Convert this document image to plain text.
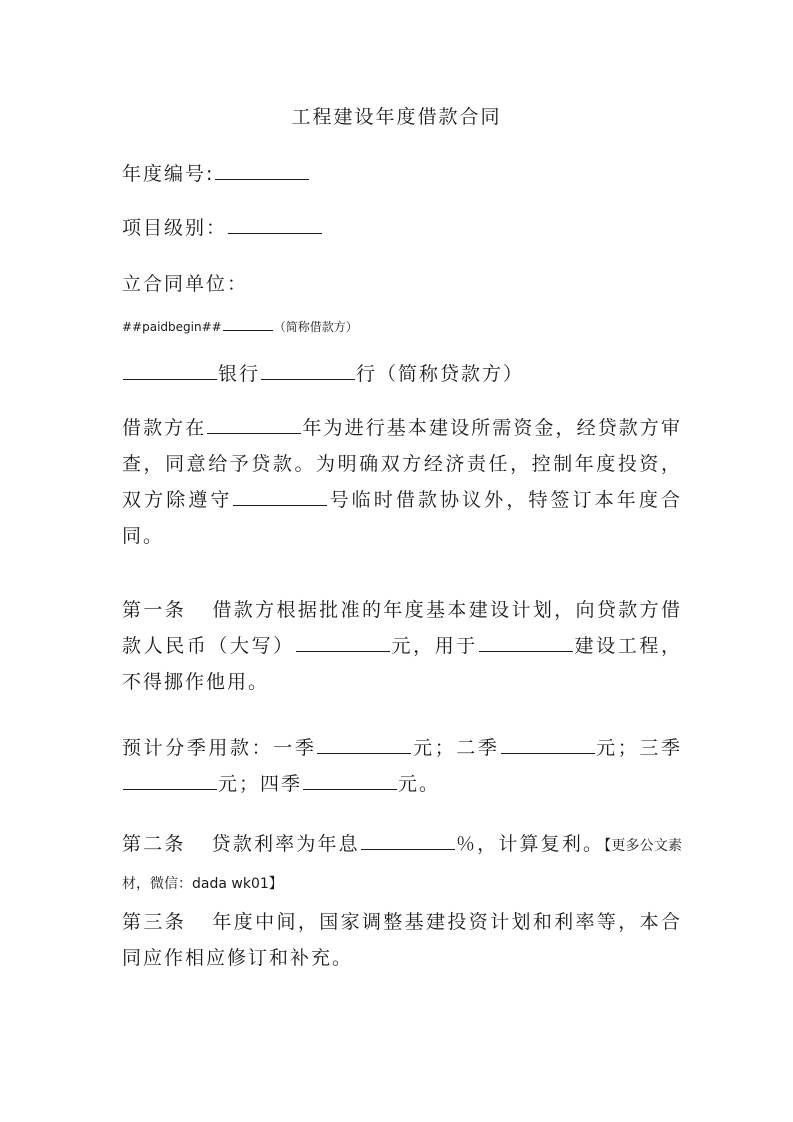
工程建设年度借款合同
年度编号:
项目级别：
立合同单位：
##paidbegin##	（简称借款方）
银行	行（简称贷款方）
借款方在	年为进行基本建设所需资金，经贷款方审查，同意给予贷款。为明确双方经济责任，控制年度投资，双方除遵守	号临时借款协议外，特签订本年度合同。
第一条 借款方根据批准的年度基本建设计划，向贷款方借款人民币（大写）	元，用于	建设工程，不得挪作他用。
预计分季用款：一季	元；二季	元；三季元；四季	元。
第二条 贷款利率为年息	％，计算复利。【更多公文素材，微信：dada wk01】
第三条 年度中间，国家调整基建投资计划和利率等，本合同应作相应修订和补充。
